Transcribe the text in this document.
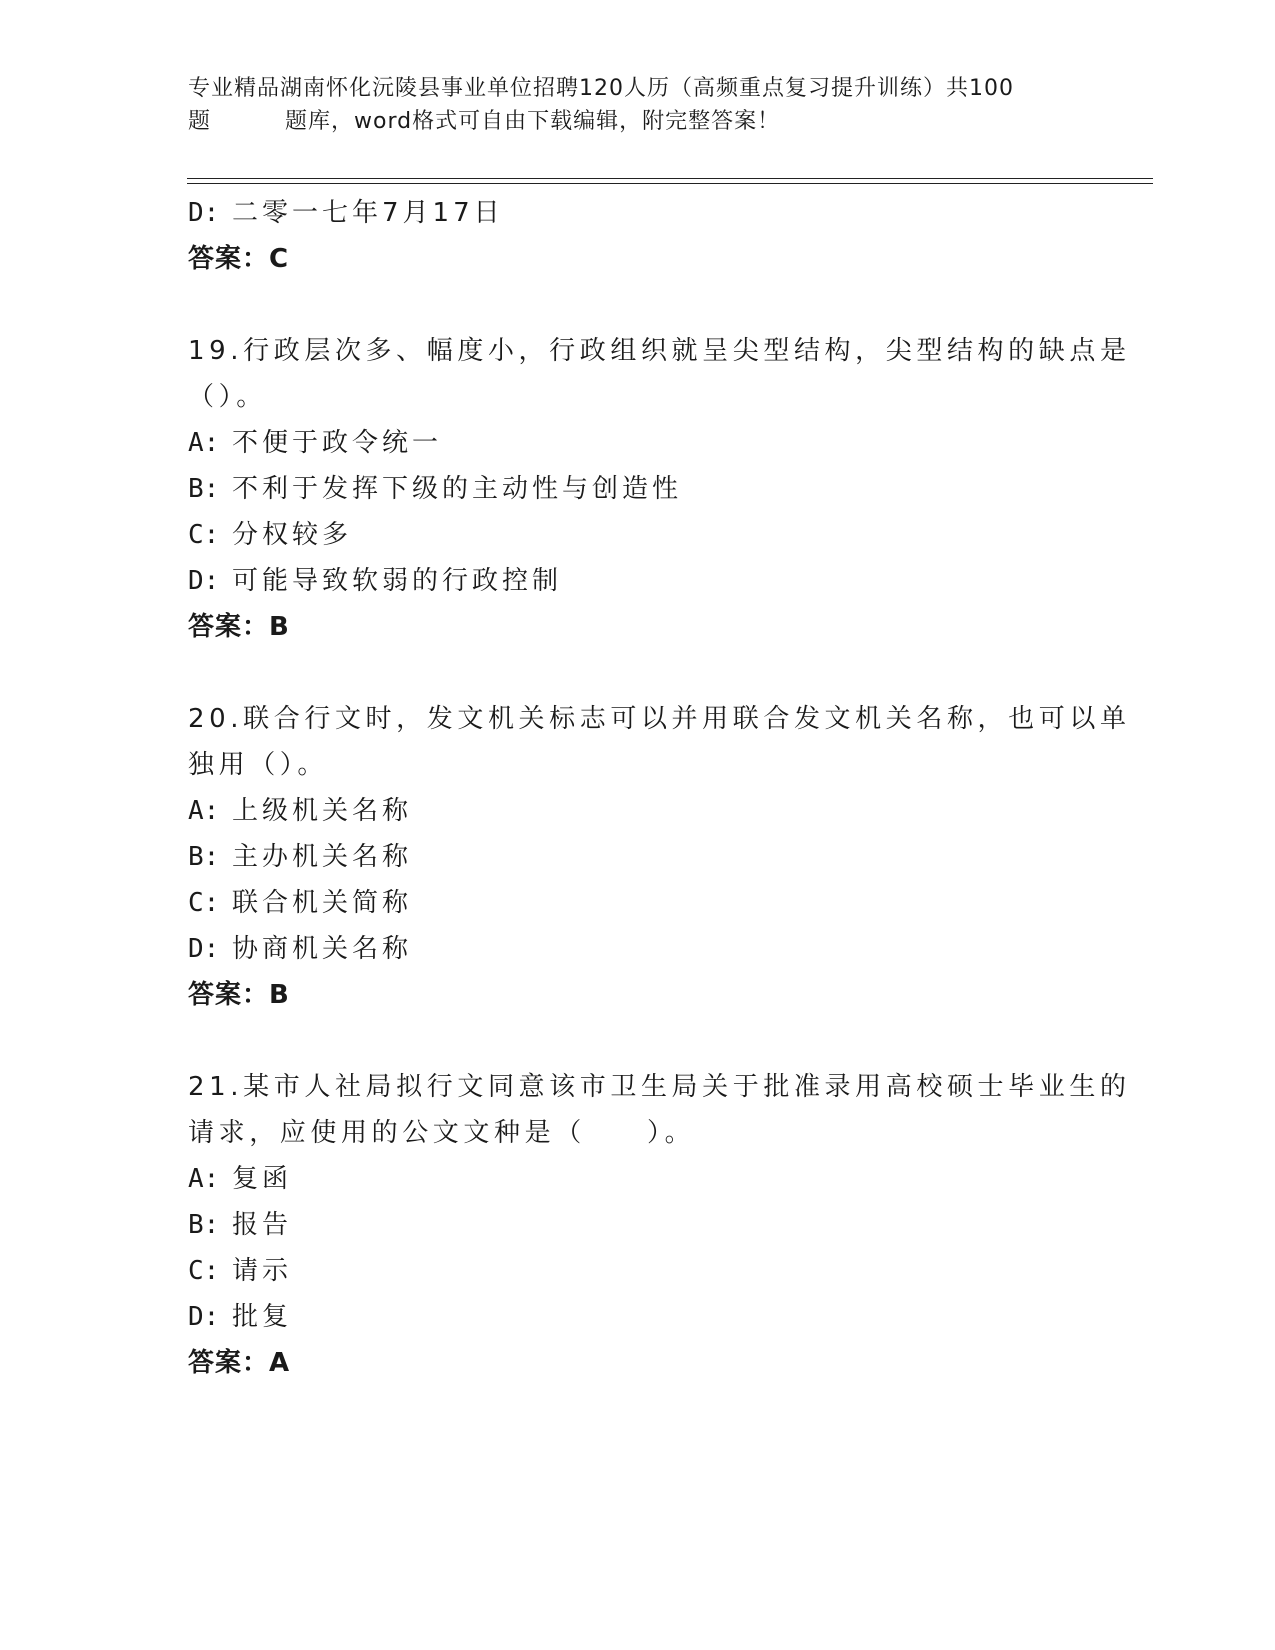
专业精品湖南怀化沅陵县事业单位招聘120人历（高频重点复习提升训练）共100
题	题库，word格式可自由下载编辑，附完整答案！
D: 二零一七年7月17日
答案：C
19.行政层次多、幅度小，行政组织就呈尖型结构，尖型结构的缺点是
（）。
A: 不便于政令统一
B: 不利于发挥下级的主动性与创造性
C: 分权较多
D: 可能导致软弱的行政控制
答案：B
20.联合行文时，发文机关标志可以并用联合发文机关名称，也可以单
独用（）。
A: 上级机关名称
B: 主办机关名称
C: 联合机关简称
D: 协商机关名称
答案：B
21.某市人社局拟行文同意该市卫生局关于批准录用高校硕士毕业生的
请求，应使用的公文文种是（　　）。
A: 复函
B: 报告
C: 请示
D: 批复
答案：A
